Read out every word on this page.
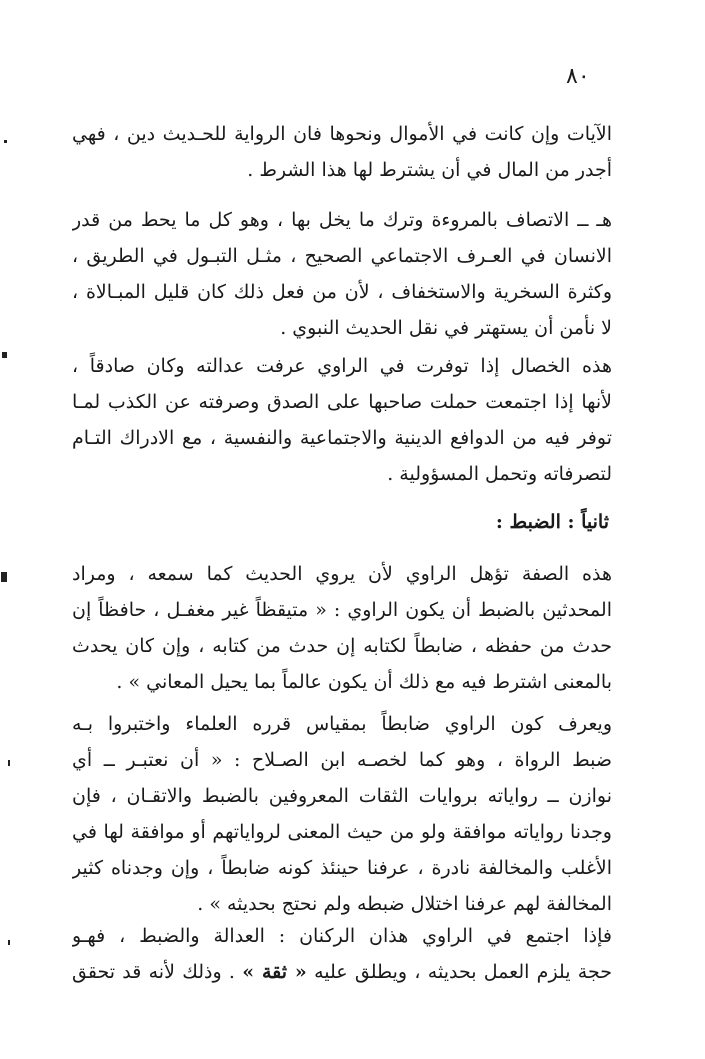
٨٠
الآيات وإن كانت في الأموال ونحوها فان الرواية للحـديث دين ، فهي
أجدر من المال في أن يشترط لها هذا الشرط .
هـ ــ الاتصاف بالمروءة وترك ما يخل بها ، وهو كل ما يحط من قدر
الانسان في العـرف الاجتماعي الصحيح ، مثـل التبـول في الطريق ،
وكثرة السخرية والاستخفاف ، لأن من فعل ذلك كان قليل المبـالاة ،
لا نأمن أن يستهتر في نقل الحديث النبوي .
هذه الخصال إذا توفرت في الراوي عرفت عدالته وكان صادقاً ،
لأنها إذا اجتمعت حملت صاحبها على الصدق وصرفته عن الكذب لمـا
توفر فيه من الدوافع الدينية والاجتماعية والنفسية ، مع الادراك التـام
لتصرفاته وتحمل المسؤولية .
ثانياً : الضبط :
هذه الصفة تؤهل الراوي لأن يروي الحديث كما سمعه ، ومراد
المحدثين بالضبط أن يكون الراوي : « متيقظاً غير مغفـل ، حافظاً إن
حدث من حفظه ، ضابطاً لكتابه إن حدث من كتابه ، وإن كان يحدث
بالمعنى اشترط فيه مع ذلك أن يكون عالماً بما يحيل المعاني » .
ويعرف كون الراوي ضابطاً بمقياس قرره العلماء واختبروا بـه
ضبط الرواة ، وهو كما لخصـه ابن الصـلاح : « أن نعتبـر ــ أي
نوازن ــ رواياته بروايات الثقات المعروفين بالضبط والاتقـان ، فإن
وجدنا رواياته موافقة ولو من حيث المعنى لرواياتهم أو موافقة لها في
الأغلب والمخالفة نادرة ، عرفنا حينئذ كونه ضابطاً ، وإن وجدناه كثير
المخالفة لهم عرفنا اختلال ضبطه ولم نحتج بحديثه » .
فإذا اجتمع في الراوي هذان الركنان : العدالة والضبط ، فهـو
حجة يلزم العمل بحديثه ، ويطلق عليه « ثقة » . وذلك لأنه قد تحقق
